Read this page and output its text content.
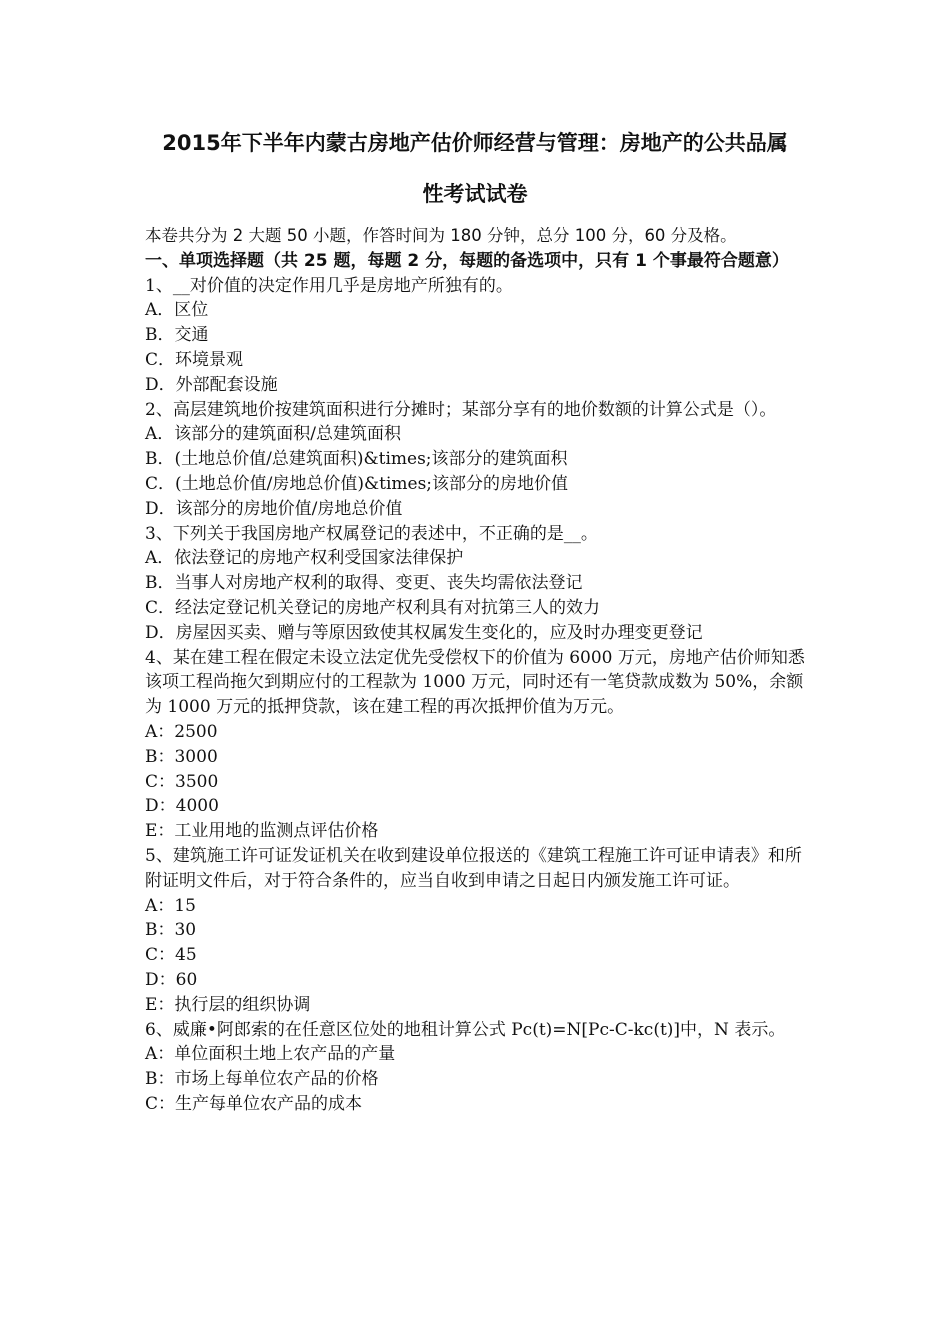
2015年下半年内蒙古房地产估价师经营与管理：房地产的公共品属
性考试试卷
本卷共分为 2 大题 50 小题，作答时间为 180 分钟，总分 100 分，60 分及格。
一、单项选择题（共 25 题，每题 2 分，每题的备选项中，只有 1 个事最符合题意）
1、__对价值的决定作用几乎是房地产所独有的。
A．区位
B．交通
C．环境景观
D．外部配套设施
2、高层建筑地价按建筑面积进行分摊时；某部分享有的地价数额的计算公式是（）。
A．该部分的建筑面积/总建筑面积
B．(土地总价值/总建筑面积)&times;该部分的建筑面积
C．(土地总价值/房地总价值)&times;该部分的房地价值
D．该部分的房地价值/房地总价值
3、下列关于我国房地产权属登记的表述中，不正确的是__。
A．依法登记的房地产权利受国家法律保护
B．当事人对房地产权利的取得、变更、丧失均需依法登记
C．经法定登记机关登记的房地产权利具有对抗第三人的效力
D．房屋因买卖、赠与等原因致使其权属发生变化的，应及时办理变更登记
4、某在建工程在假定未设立法定优先受偿权下的价值为 6000 万元，房地产估价师知悉该项工程尚拖欠到期应付的工程款为 1000 万元，同时还有一笔贷款成数为 50%，余额为 1000 万元的抵押贷款，该在建工程的再次抵押价值为万元。
A：2500
B：3000
C：3500
D：4000
E：工业用地的监测点评估价格
5、建筑施工许可证发证机关在收到建设单位报送的《建筑工程施工许可证申请表》和所附证明文件后，对于符合条件的，应当自收到申请之日起日内颁发施工许可证。
A：15
B：30
C：45
D：60
E：执行层的组织协调
6、威廉•阿郎索的在任意区位处的地租计算公式 Pc(t)=N[Pc-C-kc(t)]中，N 表示。
A：单位面积土地上农产品的产量
B：市场上每单位农产品的价格
C：生产每单位农产品的成本
